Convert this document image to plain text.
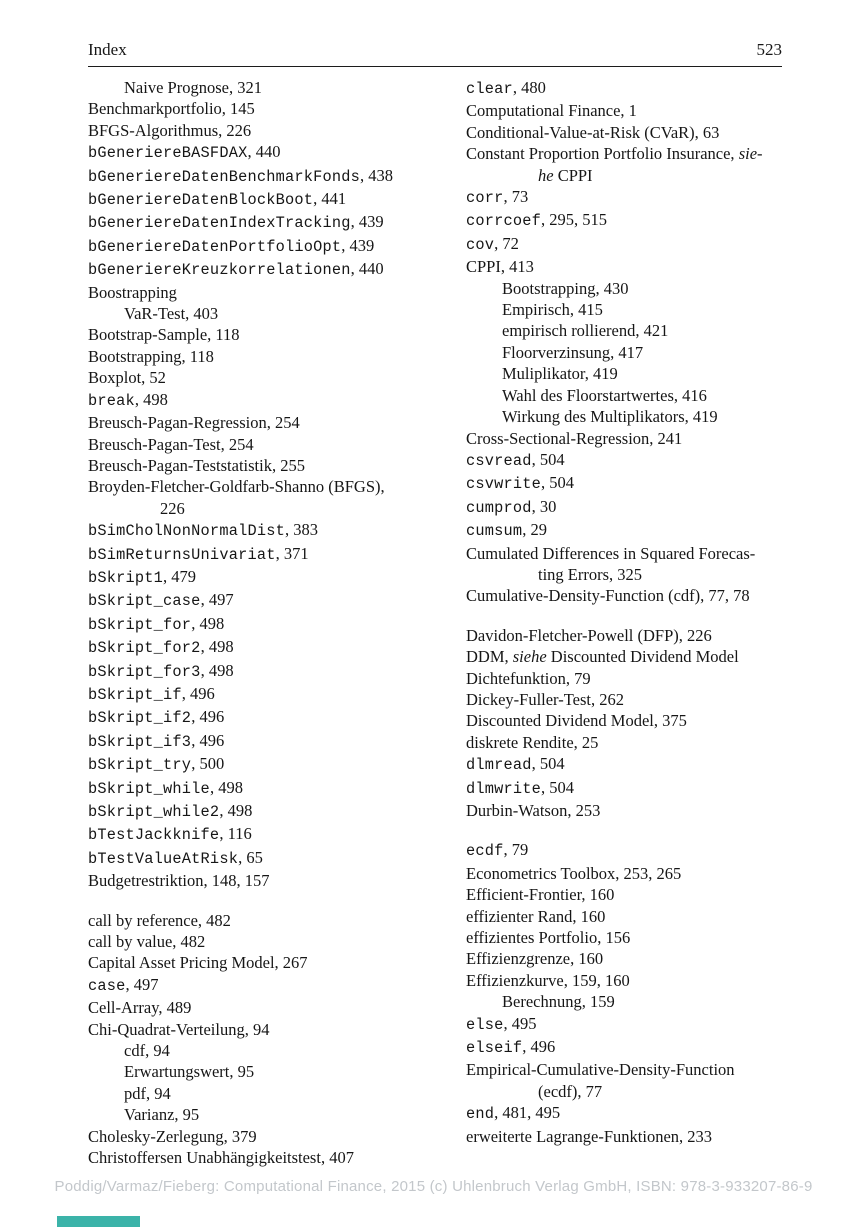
Index	523
Naive Prognose, 321
Benchmarkportfolio, 145
BFGS-Algorithmus, 226
bGeneriereBASFDAX, 440
bGeneriereDatenBenchmarkFonds, 438
bGeneriereDatenBlockBoot, 441
bGeneriereDatenIndexTracking, 439
bGeneriereDatenPortfolioOpt, 439
bGeneriereKreuzkorrelationen, 440
Boostrapping
VaR-Test, 403
Bootstrap-Sample, 118
Bootstrapping, 118
Boxplot, 52
break, 498
Breusch-Pagan-Regression, 254
Breusch-Pagan-Test, 254
Breusch-Pagan-Teststatistik, 255
Broyden-Fletcher-Goldfarb-Shanno (BFGS),
226
bSimCholNonNormalDist, 383
bSimReturnsUnivariat, 371
bSkript1, 479
bSkript_case, 497
bSkript_for, 498
bSkript_for2, 498
bSkript_for3, 498
bSkript_if, 496
bSkript_if2, 496
bSkript_if3, 496
bSkript_try, 500
bSkript_while, 498
bSkript_while2, 498
bTestJackknife, 116
bTestValueAtRisk, 65
Budgetrestriktion, 148, 157
call by reference, 482
call by value, 482
Capital Asset Pricing Model, 267
case, 497
Cell-Array, 489
Chi-Quadrat-Verteilung, 94
cdf, 94
Erwartungswert, 95
pdf, 94
Varianz, 95
Cholesky-Zerlegung, 379
Christoffersen Unabhängigkeitstest, 407
clear, 480
Computational Finance, 1
Conditional-Value-at-Risk (CVaR), 63
Constant Proportion Portfolio Insurance, sie-
he CPPI
corr, 73
corrcoef, 295, 515
cov, 72
CPPI, 413
Bootstrapping, 430
Empirisch, 415
empirisch rollierend, 421
Floorverzinsung, 417
Muliplikator, 419
Wahl des Floorstartwertes, 416
Wirkung des Multiplikators, 419
Cross-Sectional-Regression, 241
csvread, 504
csvwrite, 504
cumprod, 30
cumsum, 29
Cumulated Differences in Squared Forecas-
ting Errors, 325
Cumulative-Density-Function (cdf), 77, 78
Davidon-Fletcher-Powell (DFP), 226
DDM, siehe Discounted Dividend Model
Dichtefunktion, 79
Dickey-Fuller-Test, 262
Discounted Dividend Model, 375
diskrete Rendite, 25
dlmread, 504
dlmwrite, 504
Durbin-Watson, 253
ecdf, 79
Econometrics Toolbox, 253, 265
Efficient-Frontier, 160
effizienter Rand, 160
effizientes Portfolio, 156
Effizienzgrenze, 160
Effizienzkurve, 159, 160
Berechnung, 159
else, 495
elseif, 496
Empirical-Cumulative-Density-Function
(ecdf), 77
end, 481, 495
erweiterte Lagrange-Funktionen, 233
Poddig/Varmaz/Fieberg: Computational Finance, 2015 (c) Uhlenbruch Verlag GmbH, ISBN: 978-3-933207-86-9
